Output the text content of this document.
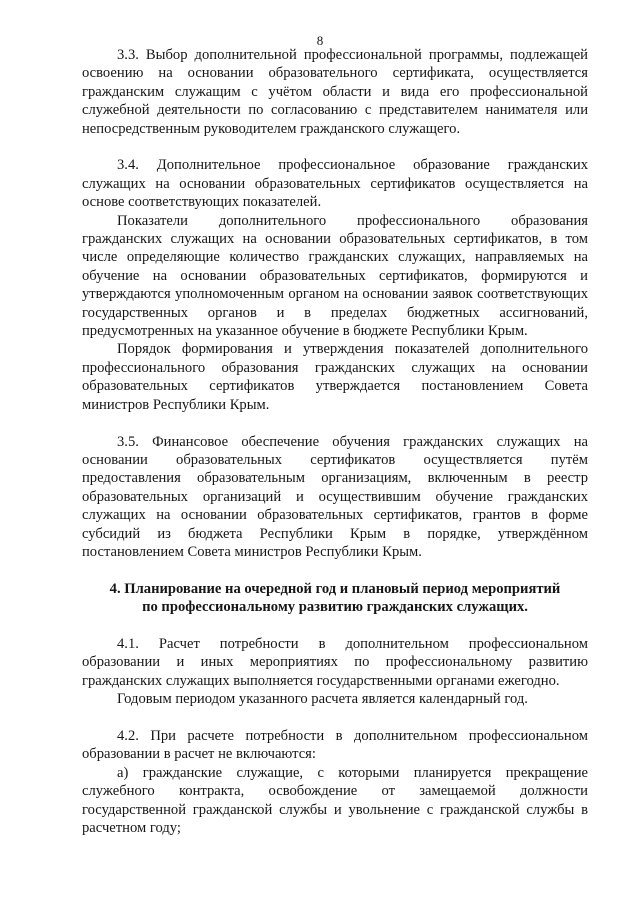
8

3.3. Выбор дополнительной профессиональной программы, подлежащей освоению на основании образовательного сертификата, осуществляется гражданским служащим с учётом области и вида его профессиональной служебной деятельности по согласованию с представителем нанимателя или непосредственным руководителем гражданского служащего.

3.4. Дополнительное профессиональное образование гражданских служащих на основании образовательных сертификатов осуществляется на основе соответствующих показателей.

Показатели дополнительного профессионального образования гражданских служащих на основании образовательных сертификатов, в том числе определяющие количество гражданских служащих, направляемых на обучение на основании образовательных сертификатов, формируются и утверждаются уполномоченным органом на основании заявок соответствующих государственных органов и в пределах бюджетных ассигнований, предусмотренных на указанное обучение в бюджете Республики Крым.

Порядок формирования и утверждения показателей дополнительного профессионального образования гражданских служащих на основании образовательных сертификатов утверждается постановлением Совета министров Республики Крым.

3.5. Финансовое обеспечение обучения гражданских служащих на основании образовательных сертификатов осуществляется путём предоставления образовательным организациям, включенным в реестр образовательных организаций и осуществившим обучение гражданских служащих на основании образовательных сертификатов, грантов в форме субсидий из бюджета Республики Крым в порядке, утверждённом постановлением Совета министров Республики Крым.

4. Планирование на очередной год и плановый период мероприятий
по профессиональному развитию гражданских служащих.

4.1. Расчет потребности в дополнительном профессиональном образовании и иных мероприятиях по профессиональному развитию гражданских служащих выполняется государственными органами ежегодно.

Годовым периодом указанного расчета является календарный год.

4.2. При расчете потребности в дополнительном профессиональном образовании в расчет не включаются:

а) гражданские служащие, с которыми планируется прекращение служебного контракта, освобождение от замещаемой должности государственной гражданской службы и увольнение с гражданской службы в расчетном году;
